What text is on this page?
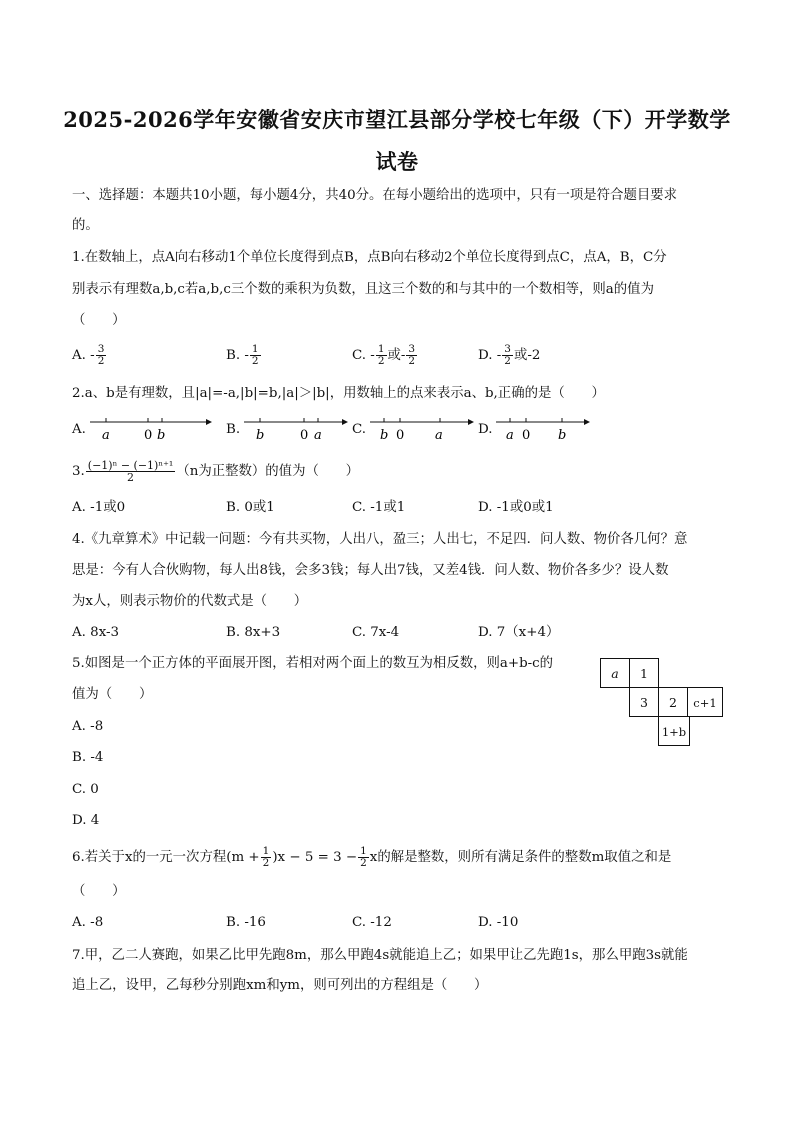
2025-2026学年安徽省安庆市望江县部分学校七年级（下）开学数学
试卷
一、选择题：本题共10小题，每小题4分，共40分。在每小题给出的选项中，只有一项是符合题目要求
的。
1.在数轴上，点A向右移动1个单位长度得到点B，点B向右移动2个单位长度得到点C，点A，B，C分
别表示有理数a,b,c若a,b,c三个数的乘积为负数，且这三个数的和与其中的一个数相等，则a的值为
（　　）
A. - $\frac{3}{2}$	B. - $\frac{1}{2}$	C. - $\frac{1}{2}$ 或- $\frac{3}{2}$	D. - $\frac{3}{2}$ 或-2
2.a、b是有理数，且|a|=-a,|b|=b,|a|＞|b|，用数轴上的点来表示a、b,正确的是（　　）
A. a	0 b	B. b	0 a C. b 0 a	D. a 0 b
3. $\frac{\text{(−1)ⁿ − (−1)ⁿ⁺¹}}{2} (n$为正整数）的值为（　　）
A. -1或0	B. 0或1	C. -1或1	D. -1或0或1
4.《九章算术》中记载一问题：今有共买物，人出八，盈三；人出七，不足四．问人数、物价各几何？意
思是：今有人合伙购物，每人出8钱，会多3钱；每人出7钱，又差4钱．问人数、物价各多少？设人数
为x人，则表示物价的代数式是（　　）
A. 8x-3	B. 8x+3	C. 7x-4	D. 7（x+4）
5.如图是一个正方体的平面展开图，若相对两个面上的数互为相反数，则a+b-c的
值为（　　）
A. -8
B. -4
C. 0
D. 4
a	1
3	2	c+1
1+b
6.若关于x的一元一次方程$(m + \frac{1}{2} )x - 5 = 3 - \frac{1}{2}$ x的解是整数，则所有满足条件的整数m取值之和是
（　　）
A. -8	B. -16	C. -12	D. -10
7.甲，乙二人赛跑，如果乙比甲先跑8m，那么甲跑4s就能追上乙；如果甲让乙先跑1s，那么甲跑3s就能
追上乙，设甲，乙每秒分别跑xm和ym，则可列出的方程组是（　　）
